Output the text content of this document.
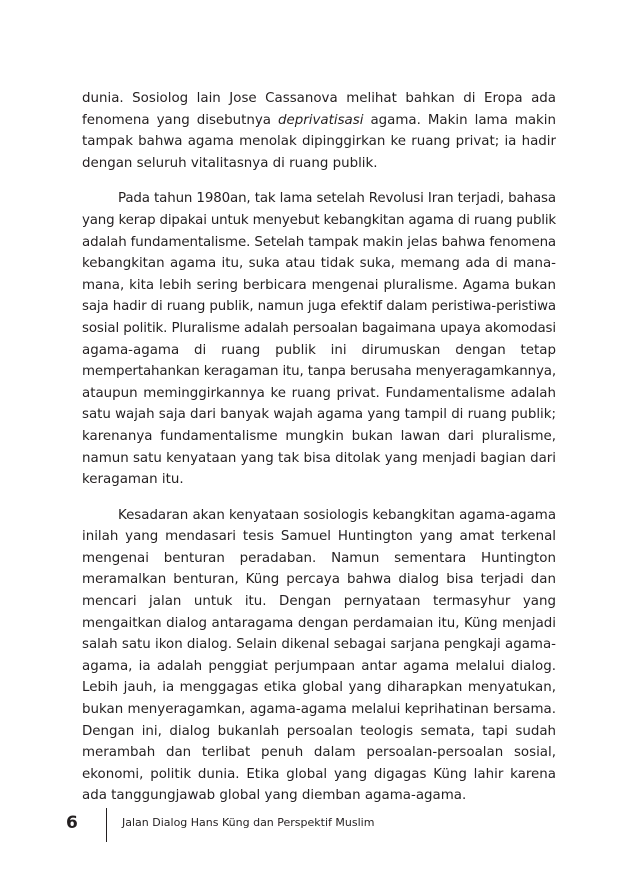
dunia. Sosiolog lain Jose Cassanova melihat bahkan di Eropa ada
fenomena yang disebutnya deprivatisasi agama. Makin lama makin
tampak bahwa agama menolak dipinggirkan ke ruang privat; ia hadir
dengan seluruh vitalitasnya di ruang publik.
Pada tahun 1980an, tak lama setelah Revolusi Iran terjadi, bahasa
yang kerap dipakai untuk menyebut kebangkitan agama di ruang publik
adalah fundamentalisme. Setelah tampak makin jelas bahwa fenomena
kebangkitan agama itu, suka atau tidak suka, memang ada di mana-
mana, kita lebih sering berbicara mengenai pluralisme. Agama bukan
saja hadir di ruang publik, namun juga efektif dalam peristiwa-peristiwa
sosial politik. Pluralisme adalah persoalan bagaimana upaya akomodasi
agama-agama di ruang publik ini dirumuskan dengan tetap
mempertahankan keragaman itu, tanpa berusaha menyeragamkannya,
ataupun meminggirkannya ke ruang privat. Fundamentalisme adalah
satu wajah saja dari banyak wajah agama yang tampil di ruang publik;
karenanya fundamentalisme mungkin bukan lawan dari pluralisme,
namun satu kenyataan yang tak bisa ditolak yang menjadi bagian dari
keragaman itu.
Kesadaran akan kenyataan sosiologis kebangkitan agama-agama
inilah yang mendasari tesis Samuel Huntington yang amat terkenal
mengenai benturan peradaban. Namun sementara Huntington
meramalkan benturan, Küng percaya bahwa dialog bisa terjadi dan
mencari jalan untuk itu. Dengan pernyataan termasyhur yang
mengaitkan dialog antaragama dengan perdamaian itu, Küng menjadi
salah satu ikon dialog. Selain dikenal sebagai sarjana pengkaji agama-
agama, ia adalah penggiat perjumpaan antar agama melalui dialog.
Lebih jauh, ia menggagas etika global yang diharapkan menyatukan,
bukan menyeragamkan, agama-agama melalui keprihatinan bersama.
Dengan ini, dialog bukanlah persoalan teologis semata, tapi sudah
merambah dan terlibat penuh dalam persoalan-persoalan sosial,
ekonomi, politik dunia. Etika global yang digagas Küng lahir karena
ada tanggungjawab global yang diemban agama-agama.
6	Jalan Dialog Hans Küng dan Perspektif Muslim
